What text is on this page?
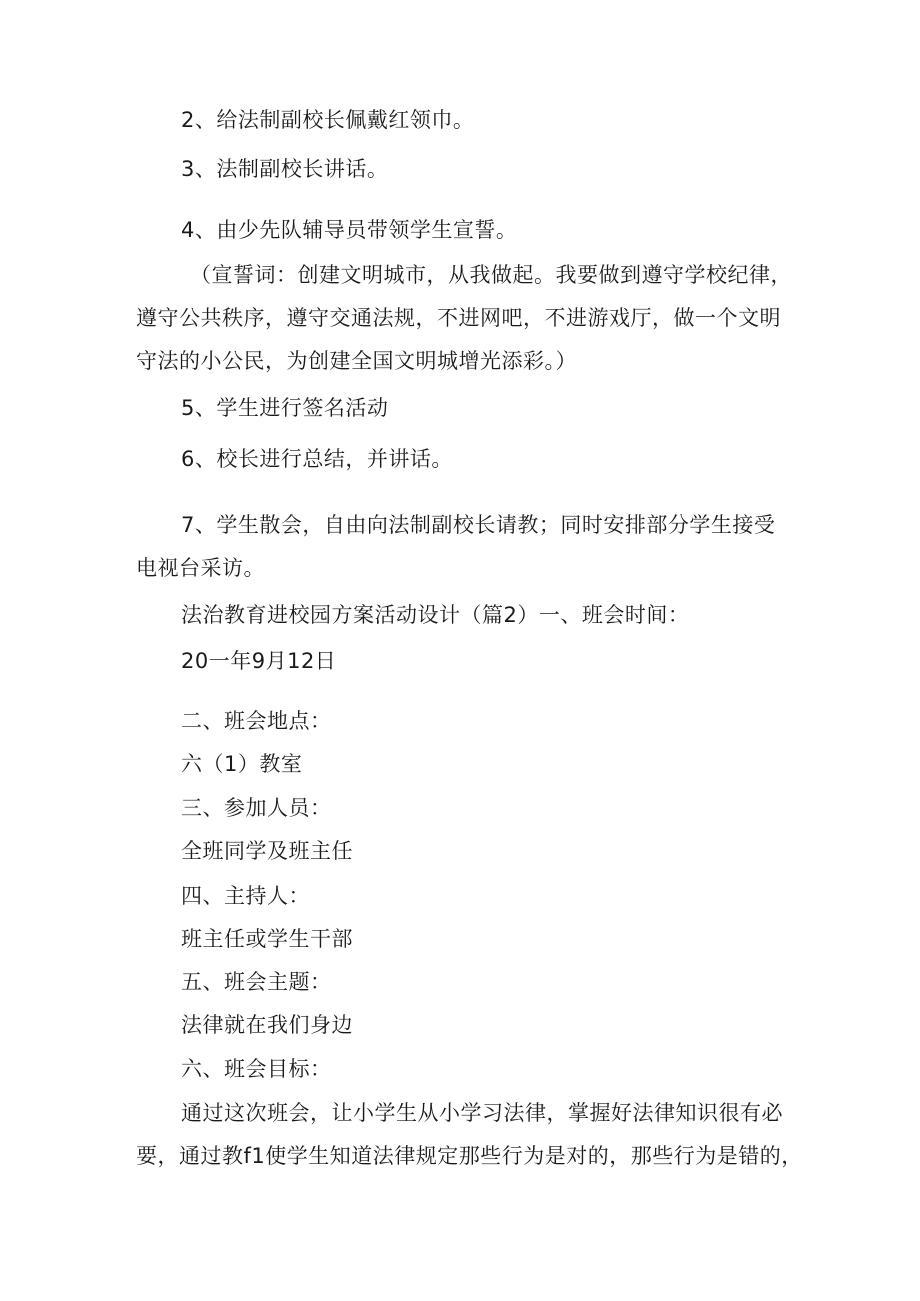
2、给法制副校长佩戴红领巾。
3、法制副校长讲话。
4、由少先队辅导员带领学生宣誓。
（宣誓词：创建文明城市，从我做起。我要做到遵守学校纪律，
遵守公共秩序，遵守交通法规，不进网吧，不进游戏厅，做一个文明
守法的小公民，为创建全国文明城增光添彩。）
5、学生进行签名活动
6、校长进行总结，并讲话。
7、学生散会，自由向法制副校长请教；同时安排部分学生接受
电视台采访。
法治教育进校园方案活动设计（篇2）一、班会时间：
20一年9月12日
二、班会地点：
六（1）教室
三、参加人员：
全班同学及班主任
四、主持人：
班主任或学生干部
五、班会主题：
法律就在我们身边
六、班会目标：
通过这次班会，让小学生从小学习法律，掌握好法律知识很有必
要，通过教f1使学生知道法律规定那些行为是对的，那些行为是错的，
